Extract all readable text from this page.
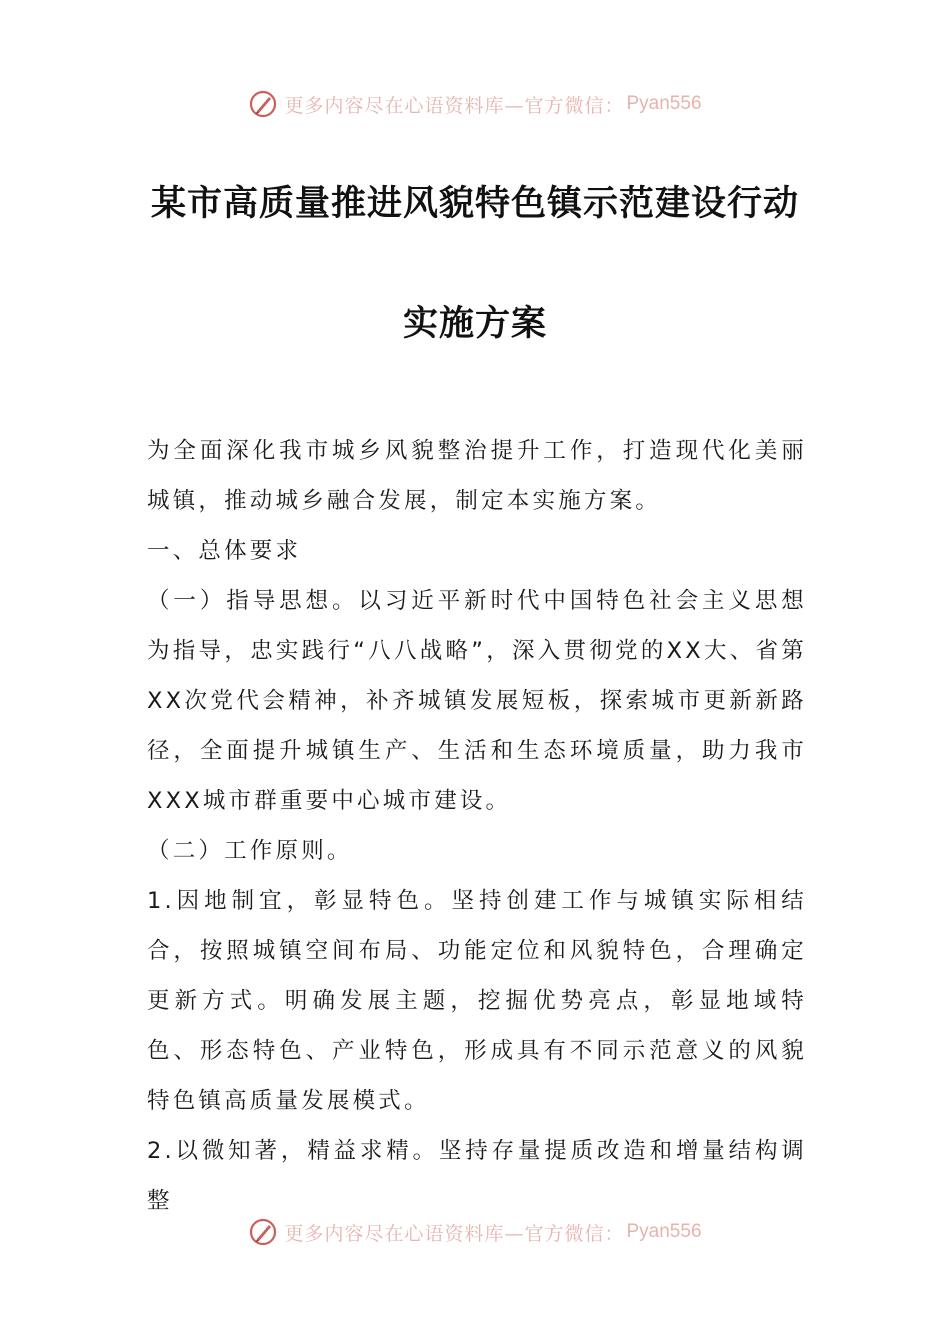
更多内容尽在心语资料库—官方微信： Pyan556
某市高质量推进风貌特色镇示范建设行动
实施方案

为全面深化我市城乡风貌整治提升工作，打造现代化美丽城镇，推动城乡融合发展，制定本实施方案。

一、总体要求

（一）指导思想。以习近平新时代中国特色社会主义思想为指导，忠实践行“八八战略”，深入贯彻党的XX大、省第XX次党代会精神，补齐城镇发展短板，探索城市更新新路径，全面提升城镇生产、生活和生态环境质量，助力我市XXX城市群重要中心城市建设。

（二）工作原则。

1.因地制宜，彰显特色。坚持创建工作与城镇实际相结合，按照城镇空间布局、功能定位和风貌特色，合理确定更新方式。明确发展主题，挖掘优势亮点，彰显地域特色、形态特色、产业特色，形成具有不同示范意义的风貌特色镇高质量发展模式。

2.以微知著，精益求精。坚持存量提质改造和增量结构调整

更多内容尽在心语资料库—官方微信： Pyan556
